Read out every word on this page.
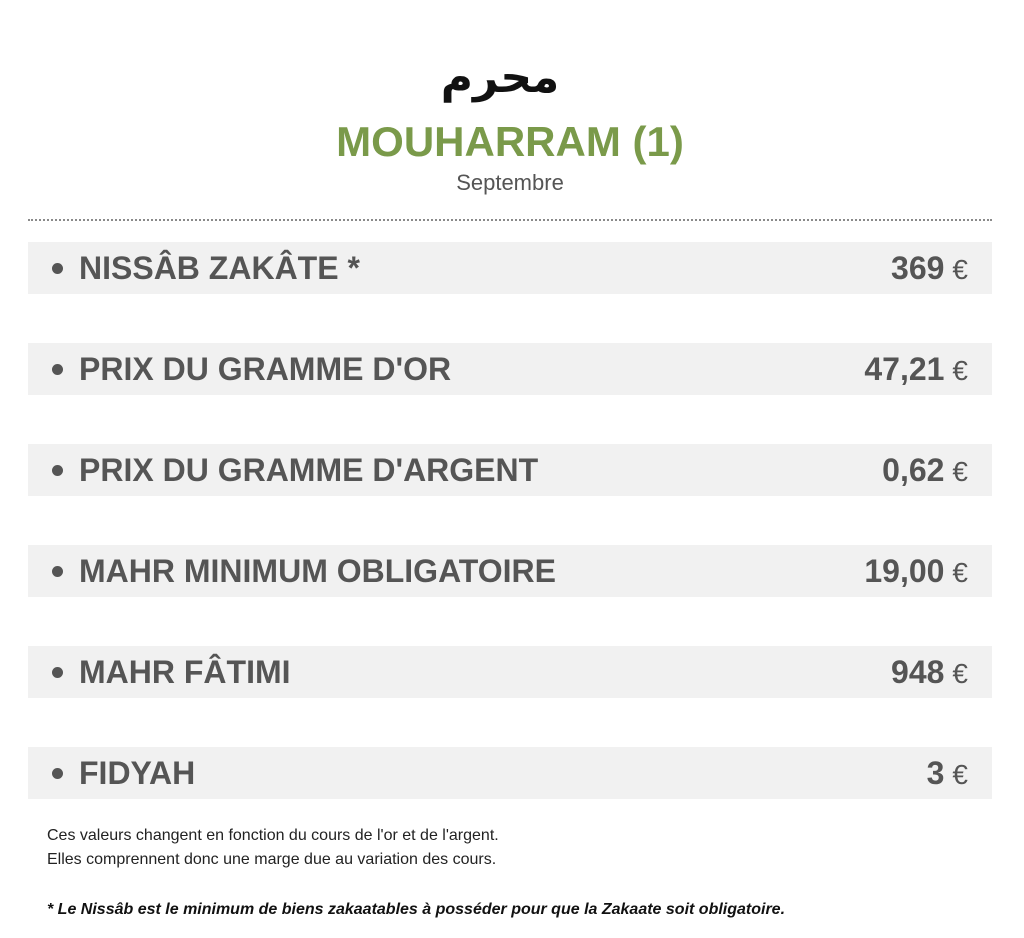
محرم
MOUHARRAM (1)
Septembre
NISSÂB ZAKÂTE *	369 €
PRIX DU GRAMME D'OR	47,21 €
PRIX DU GRAMME D'ARGENT	0,62 €
MAHR MINIMUM OBLIGATOIRE	19,00 €
MAHR FÂTIMI	948 €
FIDYAH	3 €
Ces valeurs changent en fonction du cours de l'or et de l'argent.
Elles comprennent donc une marge due au variation des cours.
* Le Nissâb est le minimum de biens zakaatables à posséder pour que la Zakaate soit obligatoire.
